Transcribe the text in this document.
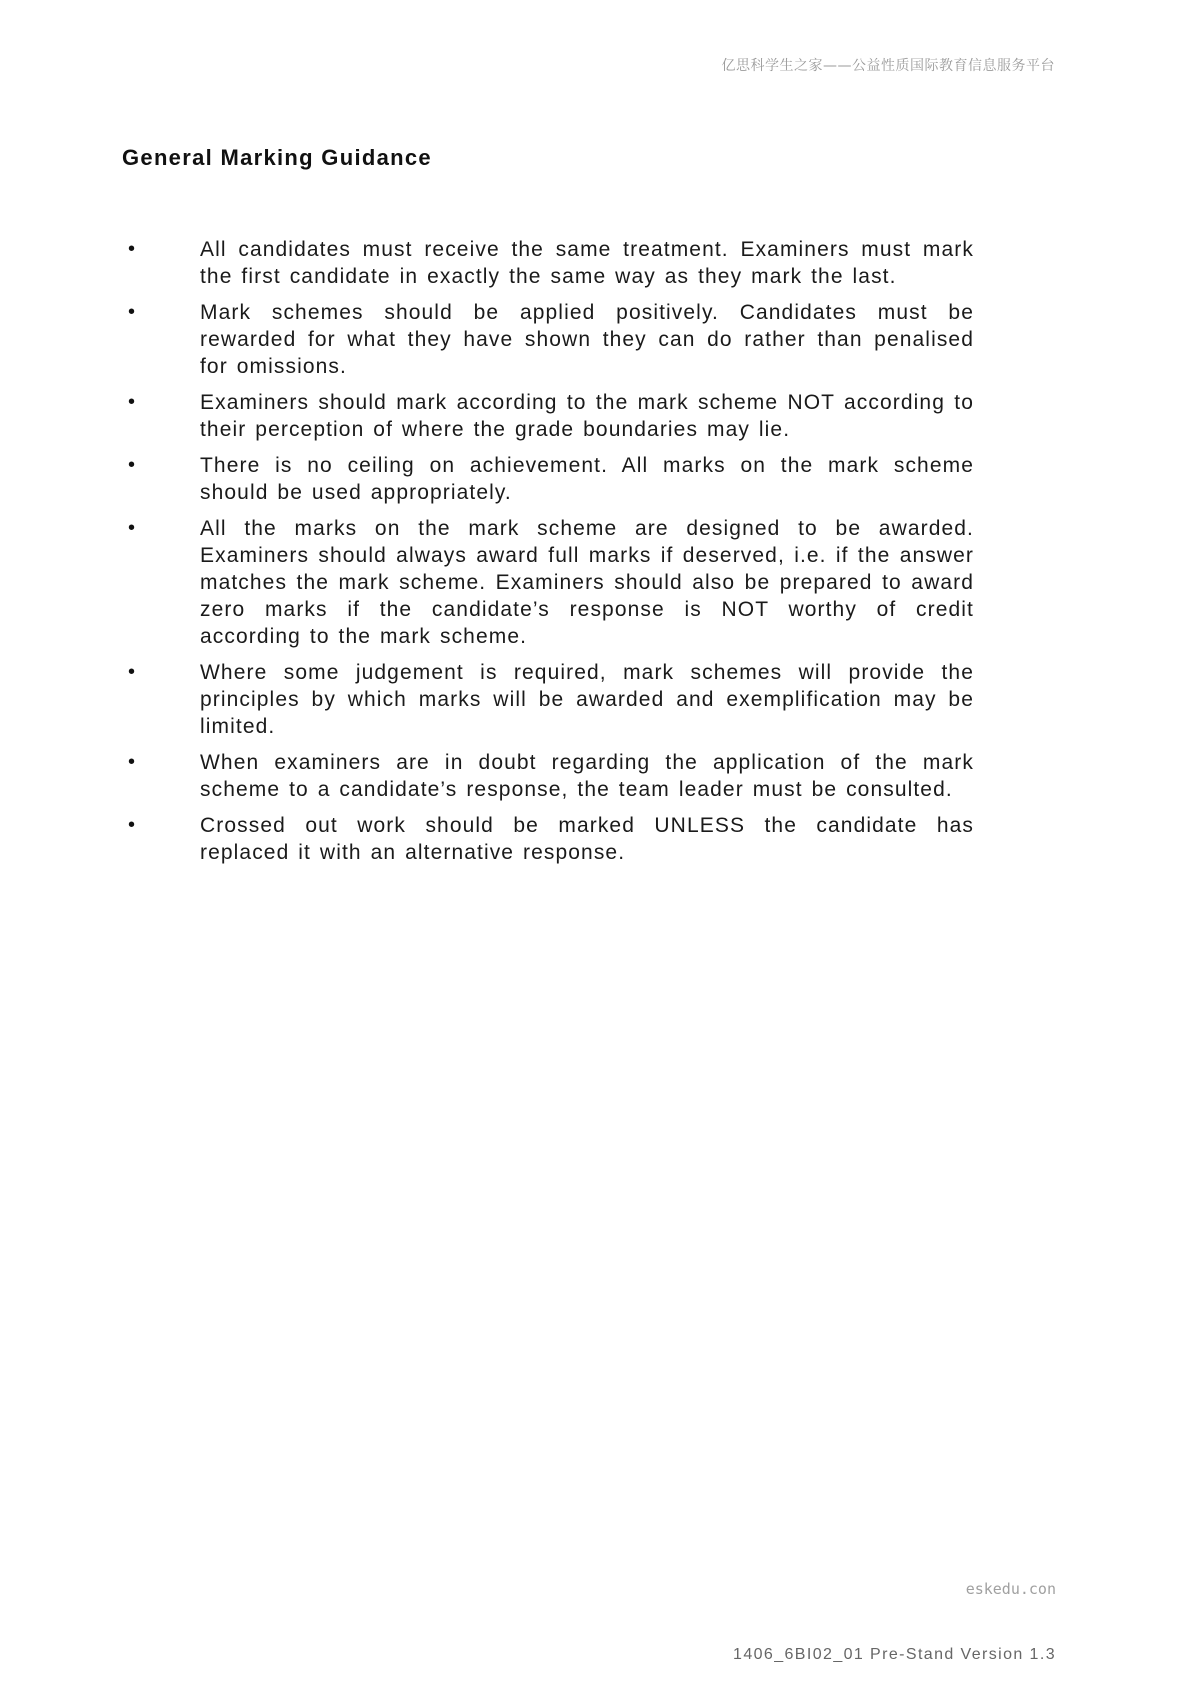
亿思科学生之家——公益性质国际教育信息服务平台
General Marking Guidance
•	All candidates must receive the same treatment. Examiners must mark the first candidate in exactly the same way as they mark the last.
•	Mark schemes should be applied positively. Candidates must be rewarded for what they have shown they can do rather than penalised for omissions.
•	Examiners should mark according to the mark scheme NOT according to their perception of where the grade boundaries may lie.
•	There is no ceiling on achievement. All marks on the mark scheme should be used appropriately.
•	All the marks on the mark scheme are designed to be awarded. Examiners should always award full marks if deserved, i.e. if the answer matches the mark scheme. Examiners should also be prepared to award zero marks if the candidate’s response is NOT worthy of credit according to the mark scheme.
•	Where some judgement is required, mark schemes will provide the principles by which marks will be awarded and exemplification may be limited.
•	When examiners are in doubt regarding the application of the mark scheme to a candidate’s response, the team leader must be consulted.
•	Crossed out work should be marked UNLESS the candidate has replaced it with an alternative response.
eskedu.con
1406_6BI02_01 Pre-Stand Version 1.3
